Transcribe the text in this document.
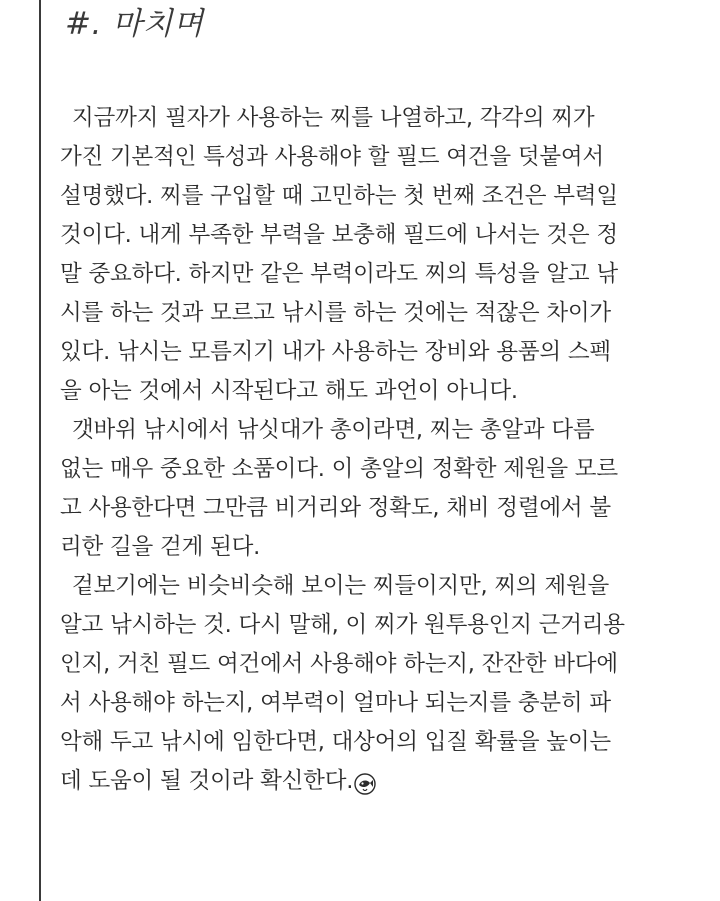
#. 마치며
지금까지 필자가 사용하는 찌를 나열하고, 각각의 찌가
가진 기본적인 특성과 사용해야 할 필드 여건을 덧붙여서
설명했다. 찌를 구입할 때 고민하는 첫 번째 조건은 부력일
것이다. 내게 부족한 부력을 보충해 필드에 나서는 것은 정
말 중요하다. 하지만 같은 부력이라도 찌의 특성을 알고 낚
시를 하는 것과 모르고 낚시를 하는 것에는 적잖은 차이가
있다. 낚시는 모름지기 내가 사용하는 장비와 용품의 스펙
을 아는 것에서 시작된다고 해도 과언이 아니다.
갯바위 낚시에서 낚싯대가 총이라면, 찌는 총알과 다름
없는 매우 중요한 소품이다. 이 총알의 정확한 제원을 모르
고 사용한다면 그만큼 비거리와 정확도, 채비 정렬에서 불
리한 길을 걷게 된다.
겉보기에는 비슷비슷해 보이는 찌들이지만, 찌의 제원을
알고 낚시하는 것. 다시 말해, 이 찌가 원투용인지 근거리용
인지, 거친 필드 여건에서 사용해야 하는지, 잔잔한 바다에
서 사용해야 하는지, 여부력이 얼마나 되는지를 충분히 파
악해 두고 낚시에 임한다면, 대상어의 입질 확률을 높이는
데 도움이 될 것이라 확신한다.
